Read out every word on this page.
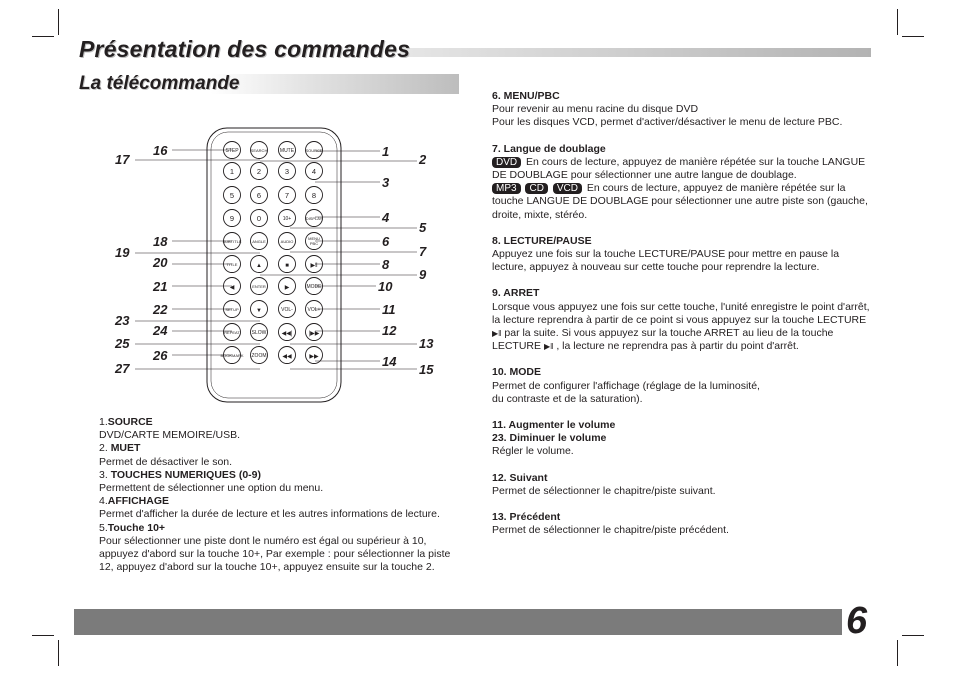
Présentation des commandes
La télécommande
STEP	SEARCH	MUTE	SOURCE
1	2	3	4
5	6	7	8
9	0	10+	DISPLAY
SUBTITLE	ANGLE	AUDIO
MENU PBC
TITLE	▲	■	▶‖
◀	ENTER	▶	MODE
SETUP	▼	VOL-	VOL+
REPEAT SLOW	◀◀|	|▶▶
BOOKMARK ZOOM	◀◀	▶▶
1
2
3
4
5
6
7
8
9
10
11
12
13
14
15
16
17
18
19
20
21
22
23
24
25
26
27

1.SOURCE

DVD/CARTE MEMOIRE/USB.

2. MUET

Permet de désactiver le son.

3. TOUCHES NUMERIQUES (0-9)

Permettent de sélectionner une option du menu.

4.AFFICHAGE

Permet d'afficher la durée de lecture et les autres informations de lecture.

5.Touche 10+

Pour sélectionner une piste dont le numéro est égal ou supérieur à 10, appuyez d'abord sur la touche 10+, Par exemple : pour sélectionner la piste 12, appuyez d'abord sur la touche 10+, appuyez ensuite sur la touche 2.

6. MENU/PBC

Pour revenir au menu racine du disque DVD

Pour les disques VCD, permet d'activer/désactiver le menu de lecture PBC.

7. Langue de doublage

DVD En cours de lecture, appuyez de manière répétée sur la touche LANGUE DE DOUBLAGE pour sélectionner une autre langue de doublage.

MP3 CD VCD En cours de lecture, appuyez de manière répétée sur la touche LANGUE DE DOUBLAGE pour sélectionner une autre piste son (gauche, droite, mixte, stéréo.

8. LECTURE/PAUSE

Appuyez une fois sur la touche LECTURE/PAUSE pour mettre en pause la lecture, appuyez à nouveau sur cette touche pour reprendre la lecture.

9. ARRET

Lorsque vous appuyez une fois sur cette touche, l'unité enregistre le point d'arrêt, la lecture reprendra à partir de ce point si vous appuyez sur la touche LECTURE ▶‖ par la suite. Si vous appuyez sur la touche ARRET au lieu de la touche LECTURE ▶‖ , la lecture ne reprendra pas à partir du point d'arrêt.

10. MODE

Permet de configurer l'affichage (réglage de la luminosité,

du contraste et de la saturation).

11. Augmenter le volume

23. Diminuer le volume

Régler le volume.

12. Suivant

Permet de sélectionner le chapitre/piste suivant.

13. Précédent

Permet de sélectionner le chapitre/piste précédent.

6
